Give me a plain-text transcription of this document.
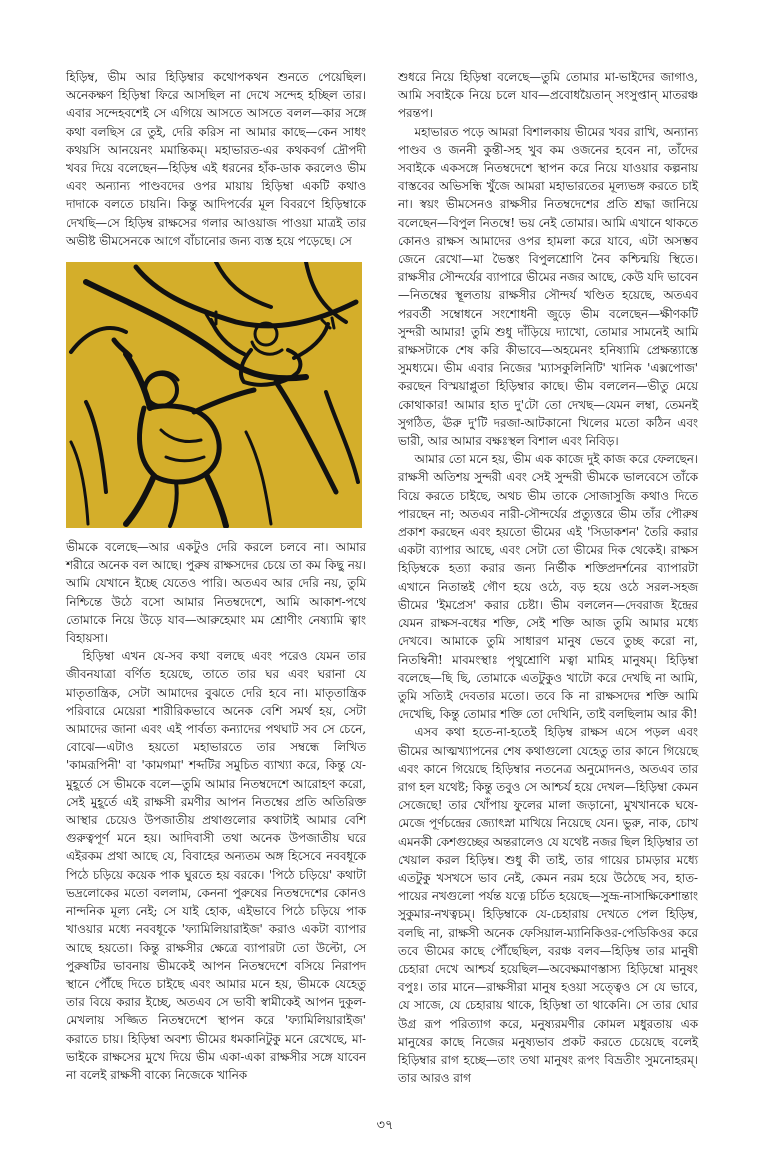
হিড়িম্ব, ভীম আর হিড়িম্বার কথোপকথন শুনতে পেয়েছিল। অনেকক্ষণ হিড়িম্বা ফিরে আসছিল না দেখে সন্দেহ হচ্ছিল তার। এবার সন্দেহবশেই সে এগিয়ে আসতে আসতে বলল—কার সঙ্গে কথা বলছিস রে তুই, দেরি করিস না আমার কাছে—কেন সাধং কথয়সি আনয়েনং মমান্তিকম্। মহাভারত-এর কথকবর্গ দ্রৌপদী খবর দিয়ে বলেছেন—হিড়িম্ব এই ধরনের হাঁক-ডাক করলেও ভীম এবং অন্যান্য পাণ্ডবদের ওপর মায়ায় হিড়িম্বা একটি কথাও দাদাকে বলতে চায়নি। কিন্তু আদিপর্বের মূল বিবরণে হিড়িম্বাকে দেখছি—সে হিড়িম্ব রাক্ষসের গলার আওয়াজ পাওয়া মাত্রই তার অভীষ্ট ভীমসেনকে আগে বাঁচানোর জন্য ব্যস্ত হয়ে পড়েছে। সে

ভীমকে বলেছে—আর একটুও দেরি করলে চলবে না। আমার শরীরে অনেক বল আছে। পুরুষ রাক্ষসদের চেয়ে তা কম কিছু নয়। আমি যেখানে ইচ্ছে যেতেও পারি। অতএব আর দেরি নয়, তুমি নিশ্চিন্তে উঠে বসো আমার নিতম্বদেশে, আমি আকাশ-পথে তোমাকে নিয়ে উড়ে যাব—আরুহেমাং মম শ্রোণীং নেষ্যামি ত্বাং বিহায়সা।

হিড়িম্বা এখন যে-সব কথা বলছে এবং পরেও যেমন তার জীবনযাত্রা বর্ণিত হয়েছে, তাতে তার ঘর এবং ঘরানা যে মাতৃতান্ত্রিক, সেটা আমাদের বুঝতে দেরি হবে না। মাতৃতান্ত্রিক পরিবারে মেয়েরা শারীরিকভাবে অনেক বেশি সমর্থ হয়, সেটা আমাদের জানা এবং এই পার্বত্য কন্যাদের পথঘাট সব সে চেনে, বোঝে—এটাও হয়তো মহাভারতে তার সম্বন্ধে লিখিত 'কামরূপিনী' বা 'কামগমা' শব্দটির সমুচিত ব্যাখ্যা করে, কিন্তু যে-মুহূর্তে সে ভীমকে বলে—তুমি আমার নিতম্বদেশে আরোহণ করো, সেই মুহূর্তে এই রাক্ষসী রমণীর আপন নিতম্বের প্রতি অতিরিক্ত আস্থার চেয়েও উপজাতীয় প্রথাগুলোর কথাটাই আমার বেশি গুরুত্বপূর্ণ মনে হয়। আদিবাসী তথা অনেক উপজাতীয় ঘরে এইরকম প্রথা আছে যে, বিবাহের অন্যতম অঙ্গ হিসেবে নববধূকে পিঠে চড়িয়ে কয়েক পাক ঘুরতে হয় বরকে। 'পিঠে চড়িয়ে' কথাটা ভদ্রলোকের মতো বললাম, কেননা পুরুষের নিতম্বদেশের কোনও নান্দনিক মূল্য নেই; সে যাই হোক, এইভাবে পিঠে চড়িয়ে পাক খাওয়ার মধ্যে নববধূকে 'ফ্যামিলিয়ারাইজ' করাও একটা ব্যাপার আছে হয়তো। কিন্তু রাক্ষসীর ক্ষেত্রে ব্যাপারটা তো উল্টো, সে পুরুষটির ভাবনায় ভীমকেই আপন নিতম্বদেশে বসিয়ে নিরাপদ স্থানে পৌঁছে দিতে চাইছে এবং আমার মনে হয়, ভীমকে যেহেতু তার বিয়ে করার ইচ্ছে, অতএব সে ভাবী স্বামীকেই আপন দুকূল-মেখলায় সজ্জিত নিতম্বদেশে স্থাপন করে 'ফ্যামিলিয়ারাইজ' করাতে চায়। হিড়িম্বা অবশ্য ভীমের ধমকানিটুকু মনে রেখেছে, মা-ভাইকে রাক্ষসের মুখে দিয়ে ভীম একা-একা রাক্ষসীর সঙ্গে যাবেন না বলেই রাক্ষসী বাক্যে নিজেকে খানিক

শুধরে নিয়ে হিড়িম্বা বলেছে—তুমি তোমার মা-ভাইদের জাগাও, আমি সবাইকে নিয়ে চলে যাব—প্রবোধয়ৈতান্‌ সংসুপ্তান্‌ মাতরঞ্চ পরন্তপ।

মহাভারত পড়ে আমরা বিশালকায় ভীমের খবর রাখি, অন্যান্য পাণ্ডব ও জননী কুন্তী-সহ খুব কম ওজনের হবেন না, তাঁদের সবাইকে একসঙ্গে নিতম্বদেশে স্থাপন করে নিয়ে যাওয়ার কল্পনায় বাস্তবের অভিসন্ধি খুঁজে আমরা মহাভারতের মূল্যভঙ্গ করতে চাই না। স্বয়ং ভীমসেনও রাক্ষসীর নিতম্বদেশের প্রতি শ্রদ্ধা জানিয়ে বলেছেন—বিপুল নিতম্বে! ভয় নেই তোমার। আমি এখানে থাকতে কোনও রাক্ষস আমাদের ওপর হামলা করে যাবে, এটা অসম্ভব জেনে রেখো—মা ভৈস্তং বিপুলশ্রোণি নৈব কশ্চিন্ময়ি স্থিতে। রাক্ষসীর সৌন্দর্যের ব্যাপারে ভীমের নজর আছে, কেউ যদি ভাবেন—নিতম্বের স্থূলতায় রাক্ষসীর সৌন্দর্য খণ্ডিত হয়েছে, অতএব পরবর্তী সম্বোধনে সংশোধনী জুড়ে ভীম বলেছেন—ক্ষীণকটি সুন্দরী আমার! তুমি শুধু দাঁড়িয়ে দ্যাখো, তোমার সামনেই আমি রাক্ষসটাকে শেষ করি কীভাবে—অহমেনং হনিষ্যামি প্রেক্ষন্ত্যাস্তে সুমধ্যমে। ভীম এবার নিজের 'ম্যাসকুলিনিটি' খানিক 'এক্সপোজ' করছেন বিস্ময়াপ্লুতা হিড়িম্বার কাছে। ভীম বললেন—ভীতু মেয়ে কোথাকার! আমার হাত দু'টো তো দেখছ—যেমন লম্বা, তেমনই সুগঠিত, ঊরু দু'টি দরজা-আটকানো খিলের মতো কঠিন এবং ভারী, আর আমার বক্ষঃস্থল বিশাল এবং নিবিড়।

আমার তো মনে হয়, ভীম এক কাজে দুই কাজ করে ফেলছেন। রাক্ষসী অতিশয় সুন্দরী এবং সেই সুন্দরী ভীমকে ভালবেসে তাঁকে বিয়ে করতে চাইছে, অথচ ভীম তাকে সোজাসুজি কথাও দিতে পারছেন না; অতএব নারী-সৌন্দর্যের প্রত্যুত্তরে ভীম তাঁর পৌরুষ প্রকাশ করছেন এবং হয়তো ভীমের এই 'সিডাকশন' তৈরি করার একটা ব্যাপার আছে, এবং সেটা তো ভীমের দিক থেকেই। রাক্ষস হিড়িম্বকে হত্যা করার জন্য নির্ভীক শক্তিপ্রদর্শনের ব্যাপারটা এখানে নিতান্তই গৌণ হয়ে ওঠে, বড় হয়ে ওঠে সরল-সহজ ভীমের 'ইমপ্রেস' করার চেষ্টা। ভীম বললেন—দেবরাজ ইন্দ্রের যেমন রাক্ষস-বধের শক্তি, সেই শক্তি আজ তুমি আমার মধ্যে দেখবে। আমাকে তুমি সাধারণ মানুষ ভেবে তুচ্ছ করো না, নিতম্বিনী! মাবমংস্থাঃ পৃথুশ্রোণি মত্বা মামিহ মানুষম্। হিড়িম্বা বলেছে—ছি ছি, তোমাকে এতটুকুও খাটো করে দেখছি না আমি, তুমি সত্যিই দেবতার মতো। তবে কি না রাক্ষসদের শক্তি আমি দেখেছি, কিন্তু তোমার শক্তি তো দেখিনি, তাই বলছিলাম আর কী!

এসব কথা হতে-না-হতেই হিড়িম্ব রাক্ষস এসে পড়ল এবং ভীমের আত্মখ্যাপনের শেষ কথাগুলো যেহেতু তার কানে গিয়েছে এবং কানে গিয়েছে হিড়িম্বার নতনেত্র অনুমোদনও, অতএব তার রাগ হল যথেষ্ট; কিন্তু তবুও সে আশ্চর্য হয়ে দেখল—হিড়িম্বা কেমন সেজেছে! তার খোঁপায় ফুলের মালা জড়ানো, মুখখানকে ঘষে-মেজে পূর্ণচন্দ্রের জ্যোৎস্না মাখিয়ে নিয়েছে যেন। ভুরু, নাক, চোখ এমনকী কেশগুচ্ছের অন্তরালেও যে যথেষ্ট নজর ছিল হিড়িম্বার তা খেয়াল করল হিড়িম্ব। শুধু কী তাই, তার গায়ের চামড়ার মধ্যে এতটুকু খসখসে ভাব নেই, কেমন নরম হয়ে উঠেছে সব, হাত-পায়ের নখগুলো পর্যন্ত যত্নে চর্চিত হয়েছে—সুভ্রূ-নাসাক্ষিকেশান্তাং সুকুমার-নখত্বচম্। হিড়িম্বাকে যে-চেহারায় দেখতে পেল হিড়িম্ব, বলছি না, রাক্ষসী অনেক ফেসিয়াল-ম্যানিকিওর-পেডিকিওর করে তবে ভীমের কাছে পৌঁছেছিল, বরঞ্চ বলব—হিড়িম্ব তার মানুষী চেহারা দেখে আশ্চর্য হয়েছিল—অবেক্ষমাণস্তাস্য হিড়িম্বো মানুষং বপুঃ। তার মানে—রাক্ষসীরা মানুষ হওয়া সত্ত্বেও সে যে ভাবে, যে সাজে, যে চেহারায় থাকে, হিড়িম্বা তা থাকেনি। সে তার ঘোর উগ্র রূপ পরিত্যাগ করে, মনুষ্যরমণীর কোমল মধুরতায় এক মানুষের কাছে নিজের মনুষ্যভাব প্রকট করতে চেয়েছে বলেই হিড়িম্বার রাগ হচ্ছে—তাং তথা মানুষং রূপং বিভ্রতীং সুমনোহরম্। তার আরও রাগ

৩৭
